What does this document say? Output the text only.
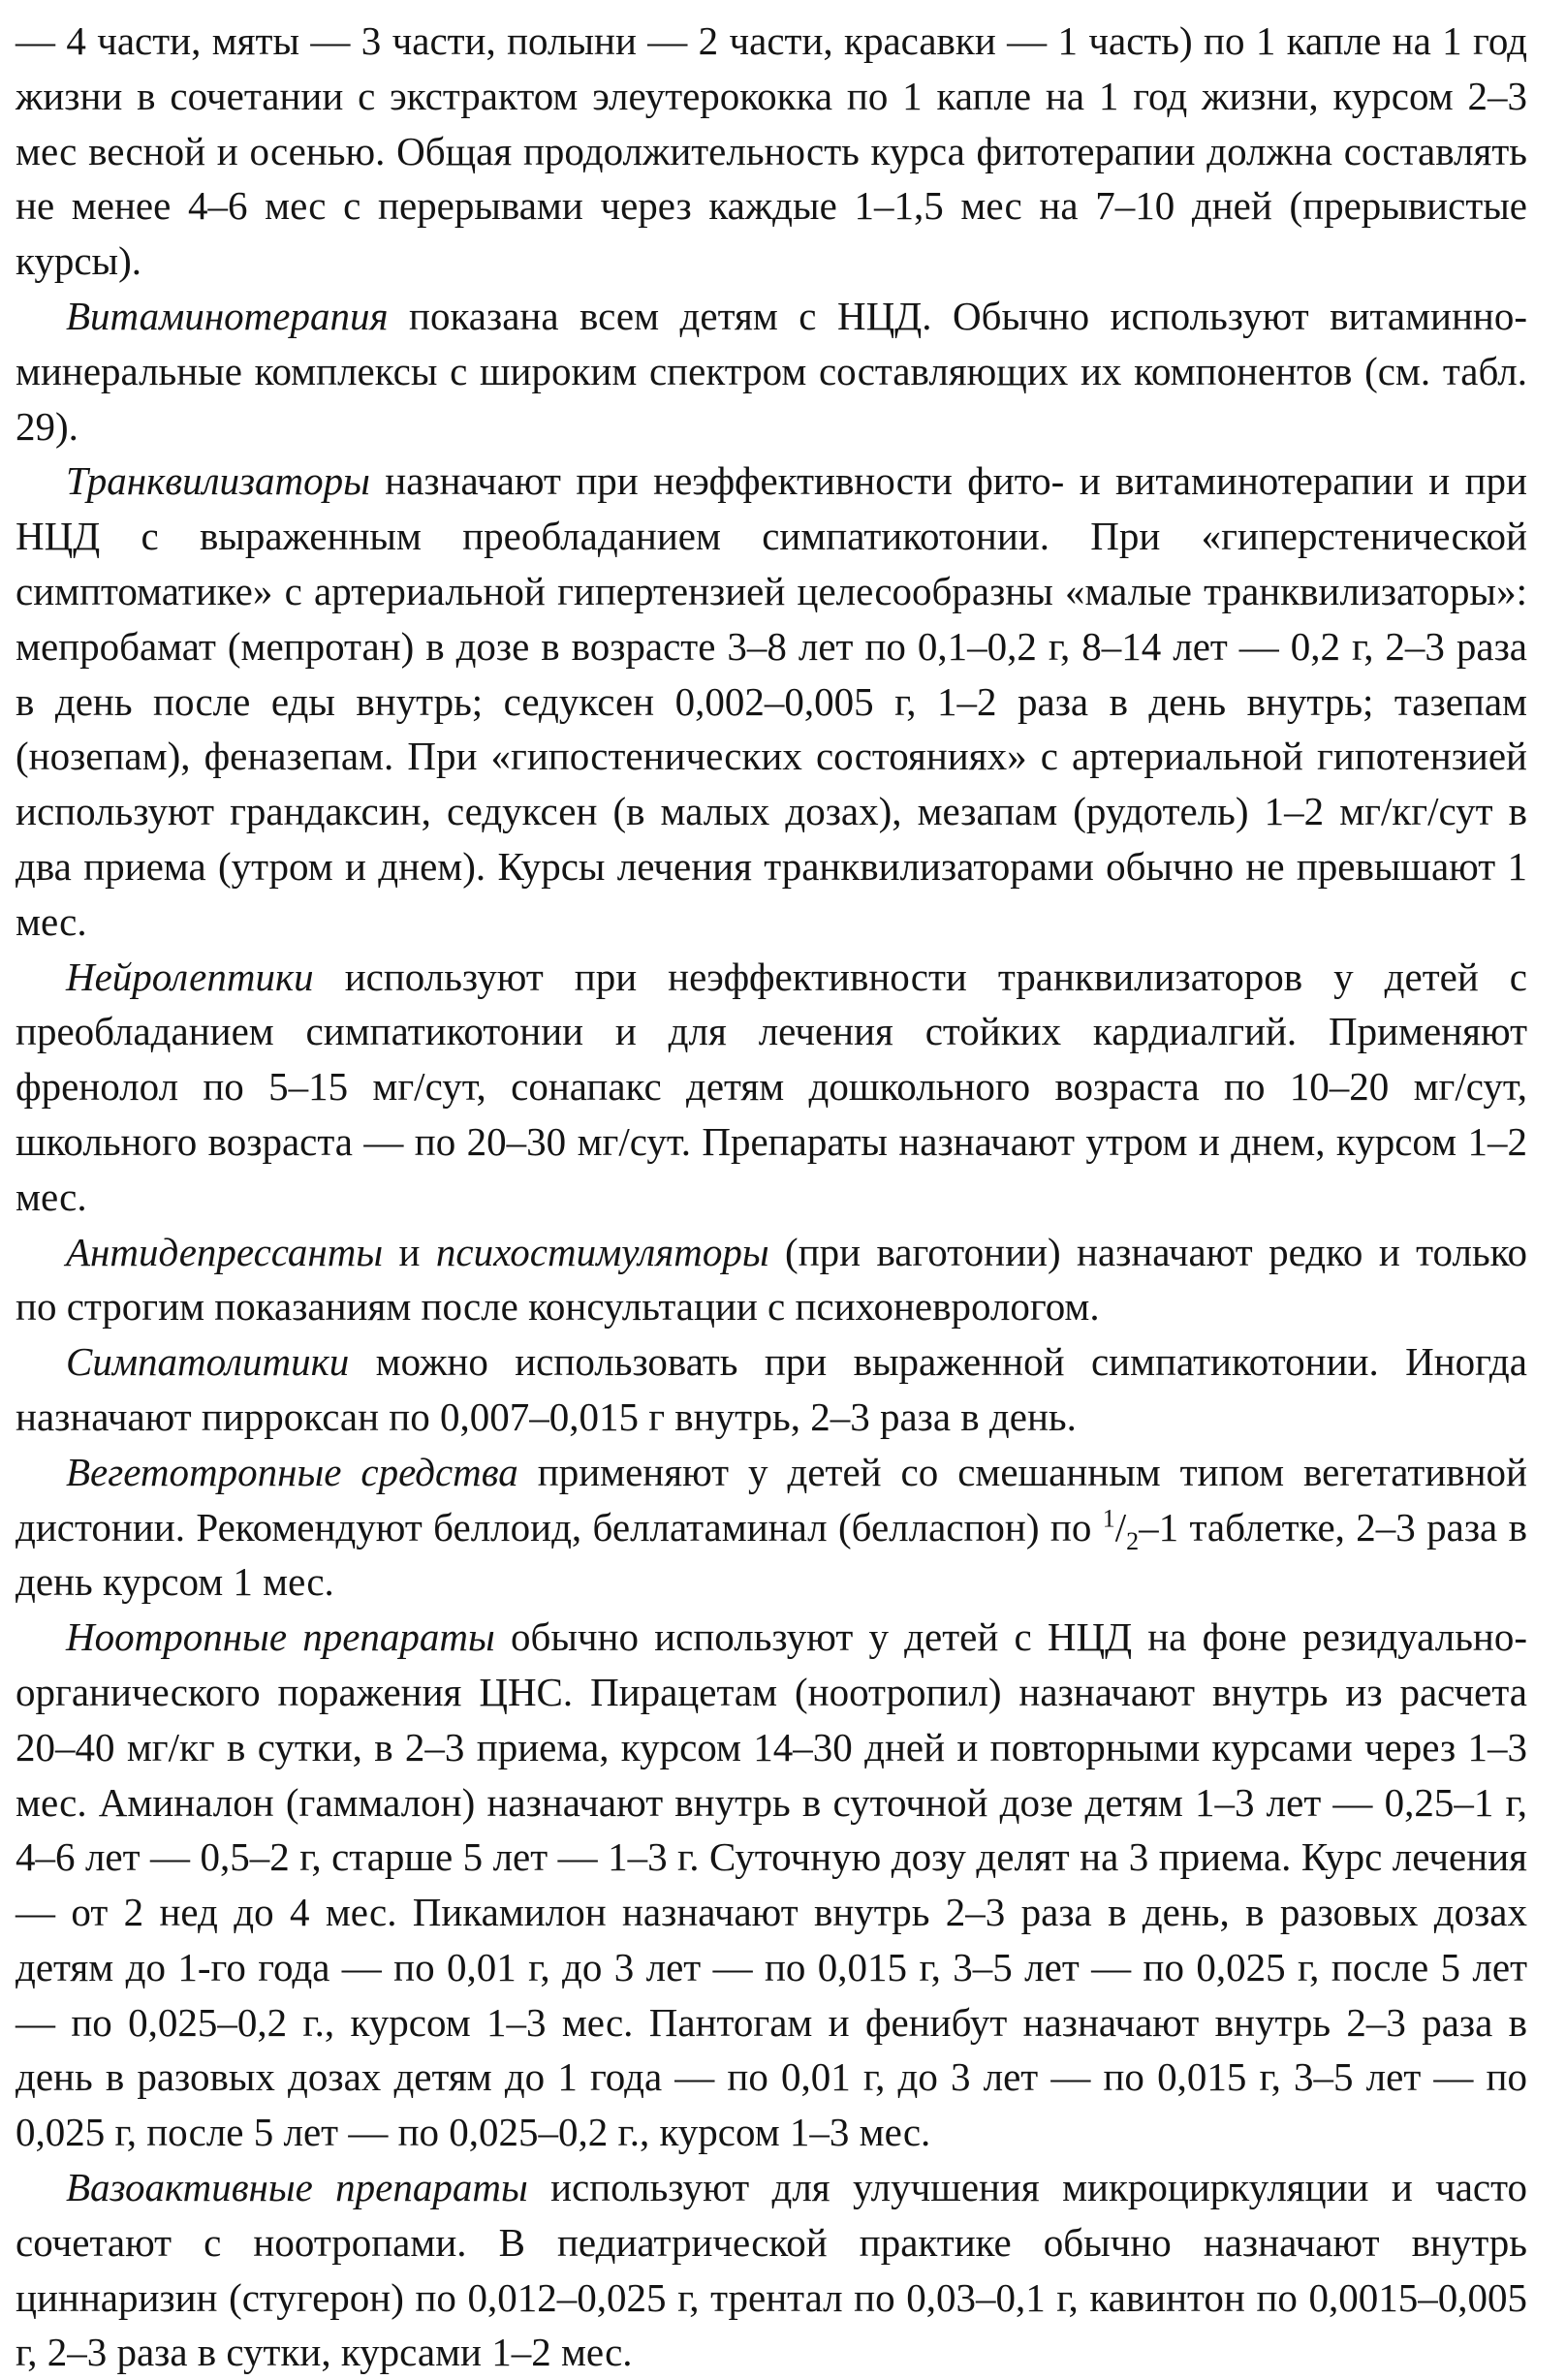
— 4 части, мяты — 3 части, полыни — 2 части, красавки — 1 часть) по 1 капле на 1 год жизни в сочетании с экстрактом элеутерококка по 1 капле на 1 год жизни, курсом 2–3 мес весной и осенью. Общая продолжительность курса фитотерапии должна составлять не менее 4–6 мес с перерывами через каждые 1–1,5 мес на 7–10 дней (прерывистые курсы).

Витаминотерапия показана всем детям с НЦД. Обычно используют витаминно-минеральные комплексы с широким спектром составляющих их компонентов (см. табл. 29).

Транквилизаторы назначают при неэффективности фито- и витаминотерапии и при НЦД с выраженным преобладанием симпатикотонии. При «гиперстенической симптоматике» с артериальной гипертензией целесообразны «малые транквилизаторы»: мепробамат (мепротан) в дозе в возрасте 3–8 лет по 0,1–0,2 г, 8–14 лет — 0,2 г, 2–3 раза в день после еды внутрь; седуксен 0,002–0,005 г, 1–2 раза в день внутрь; тазепам (нозепам), феназепам. При «гипостенических состояниях» с артериальной гипотензией используют грандаксин, седуксен (в малых дозах), мезапам (рудотель) 1–2 мг/кг/сут в два приема (утром и днем). Курсы лечения транквилизаторами обычно не превышают 1 мес.

Нейролептики используют при неэффективности транквилизаторов у детей с преобладанием симпатикотонии и для лечения стойких кардиалгий. Применяют френолол по 5–15 мг/сут, сонапакс детям дошкольного возраста по 10–20 мг/сут, школьного возраста — по 20–30 мг/сут. Препараты назначают утром и днем, курсом 1–2 мес.

Антидепрессанты и психостимуляторы (при ваготонии) назначают редко и только по строгим показаниям после консультации с психоневрологом.

Симпатолитики можно использовать при выраженной симпатикотонии. Иногда назначают пирроксан по 0,007–0,015 г внутрь, 2–3 раза в день.

Вегетотропные средства применяют у детей со смешанным типом вегетативной дистонии. Рекомендуют беллоид, беллатаминал (белласпон) по $^1/_2-1$ таблетке, 2–3 раза в день курсом 1 мес.

Ноотропные препараты обычно используют у детей с НЦД на фоне резидуально-органического поражения ЦНС. Пирацетам (ноотропил) назначают внутрь из расчета 20–40 мг/кг в сутки, в 2–3 приема, курсом 14–30 дней и повторными курсами через 1–3 мес. Аминалон (гаммалон) назначают внутрь в суточной дозе детям 1–3 лет — 0,25–1 г, 4–6 лет — 0,5–2 г, старше 5 лет — 1–3 г. Суточную дозу делят на 3 приема. Курс лечения — от 2 нед до 4 мес. Пикамилон назначают внутрь 2–3 раза в день, в разовых дозах детям до 1-го года — по 0,01 г, до 3 лет — по 0,015 г, 3–5 лет — по 0,025 г, после 5 лет — по 0,025–0,2 г., курсом 1–3 мес. Пантогам и фенибут назначают внутрь 2–3 раза в день в разовых дозах детям до 1 года — по 0,01 г, до 3 лет — по 0,015 г, 3–5 лет — по 0,025 г, после 5 лет — по 0,025–0,2 г., курсом 1–3 мес.

Вазоактивные препараты используют для улучшения микроциркуляции и часто сочетают с ноотропами. В педиатрической практике обычно назначают внутрь циннаризин (стугерон) по 0,012–0,025 г, трентал по 0,03–0,1 г, кавинтон по 0,0015–0,005 г, 2–3 раза в сутки, курсами 1–2 мес.
